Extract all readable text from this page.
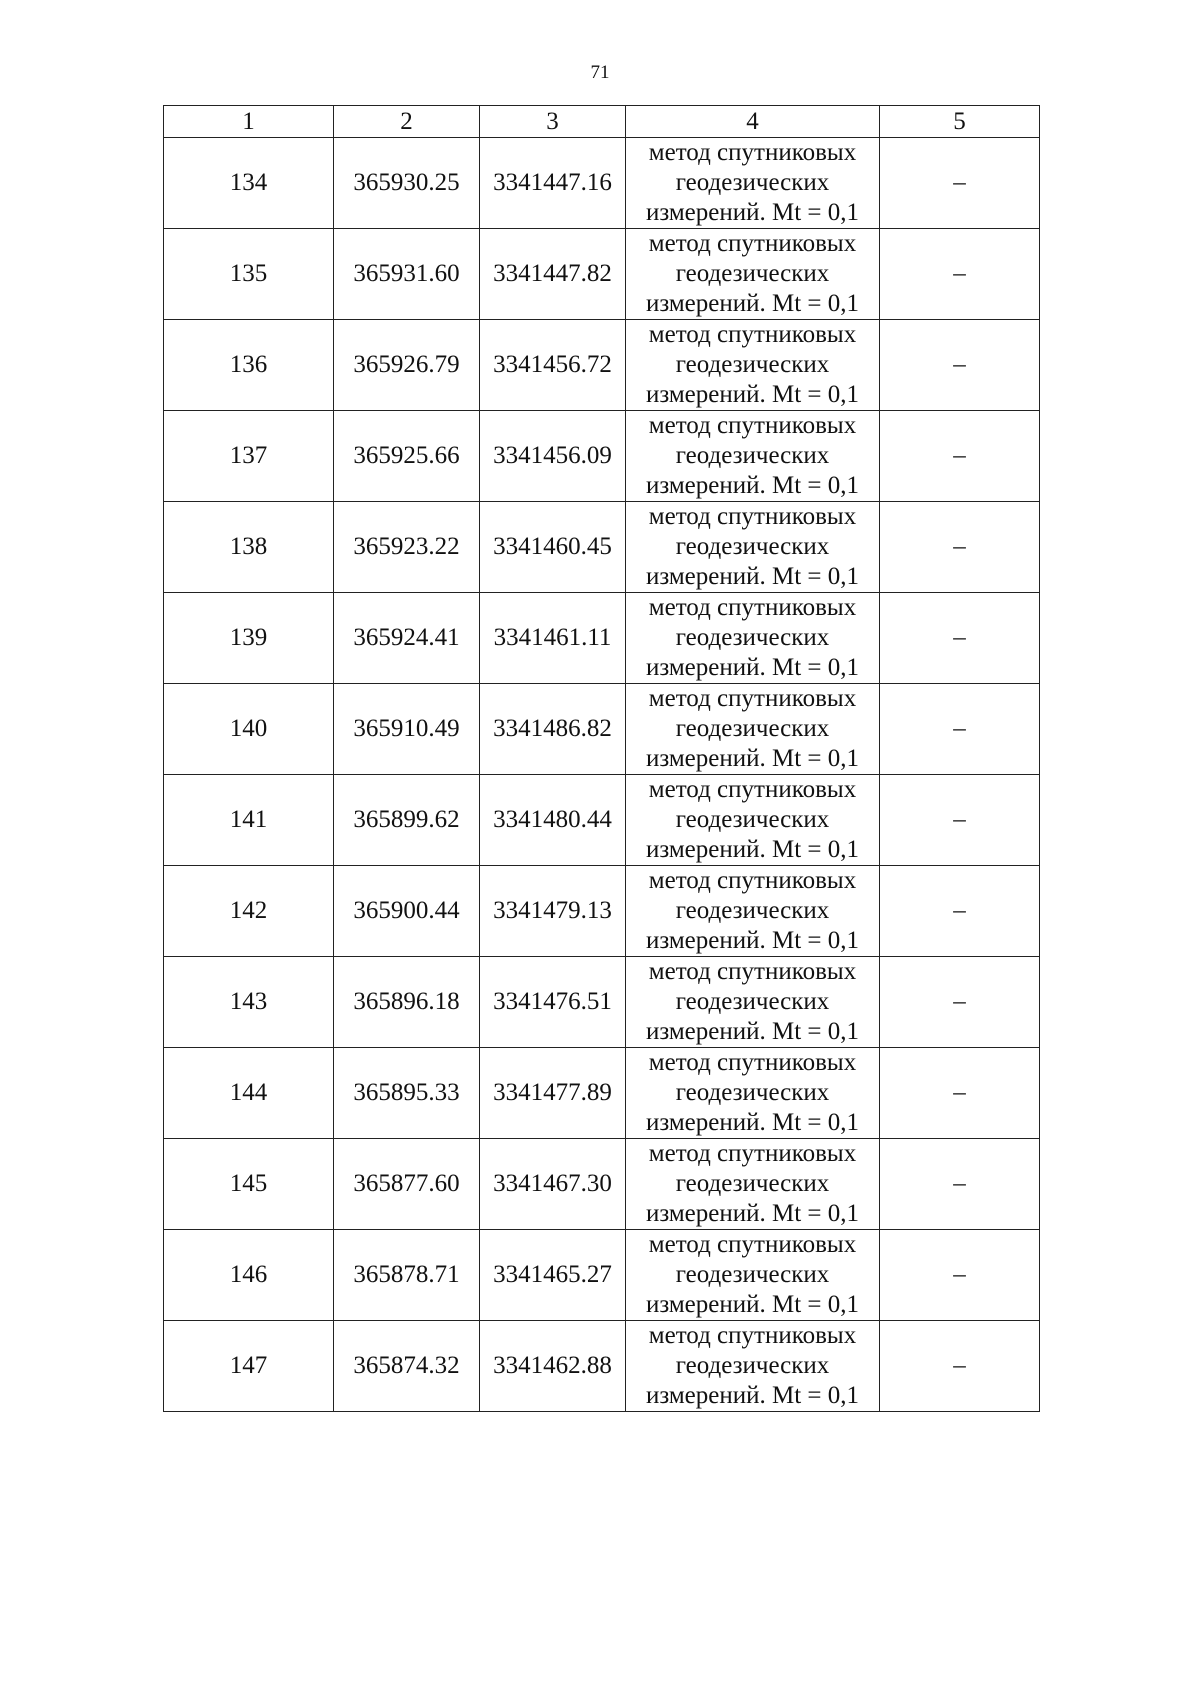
71
1	2	3	4	5
134	365930.25	3341447.16	метод спутниковых
геодезических
измерений. Mt = 0,1	–
135	365931.60	3341447.82	метод спутниковых
геодезических
измерений. Mt = 0,1	–
136	365926.79	3341456.72	метод спутниковых
геодезических
измерений. Mt = 0,1	–
137	365925.66	3341456.09	метод спутниковых
геодезических
измерений. Mt = 0,1	–
138	365923.22	3341460.45	метод спутниковых
геодезических
измерений. Mt = 0,1	–
139	365924.41	3341461.11	метод спутниковых
геодезических
измерений. Mt = 0,1	–
140	365910.49	3341486.82	метод спутниковых
геодезических
измерений. Mt = 0,1	–
141	365899.62	3341480.44	метод спутниковых
геодезических
измерений. Mt = 0,1	–
142	365900.44	3341479.13	метод спутниковых
геодезических
измерений. Mt = 0,1	–
143	365896.18	3341476.51	метод спутниковых
геодезических
измерений. Mt = 0,1	–
144	365895.33	3341477.89	метод спутниковых
геодезических
измерений. Mt = 0,1	–
145	365877.60	3341467.30	метод спутниковых
геодезических
измерений. Mt = 0,1	–
146	365878.71	3341465.27	метод спутниковых
геодезических
измерений. Mt = 0,1	–
147	365874.32	3341462.88	метод спутниковых
геодезических
измерений. Mt = 0,1	–
